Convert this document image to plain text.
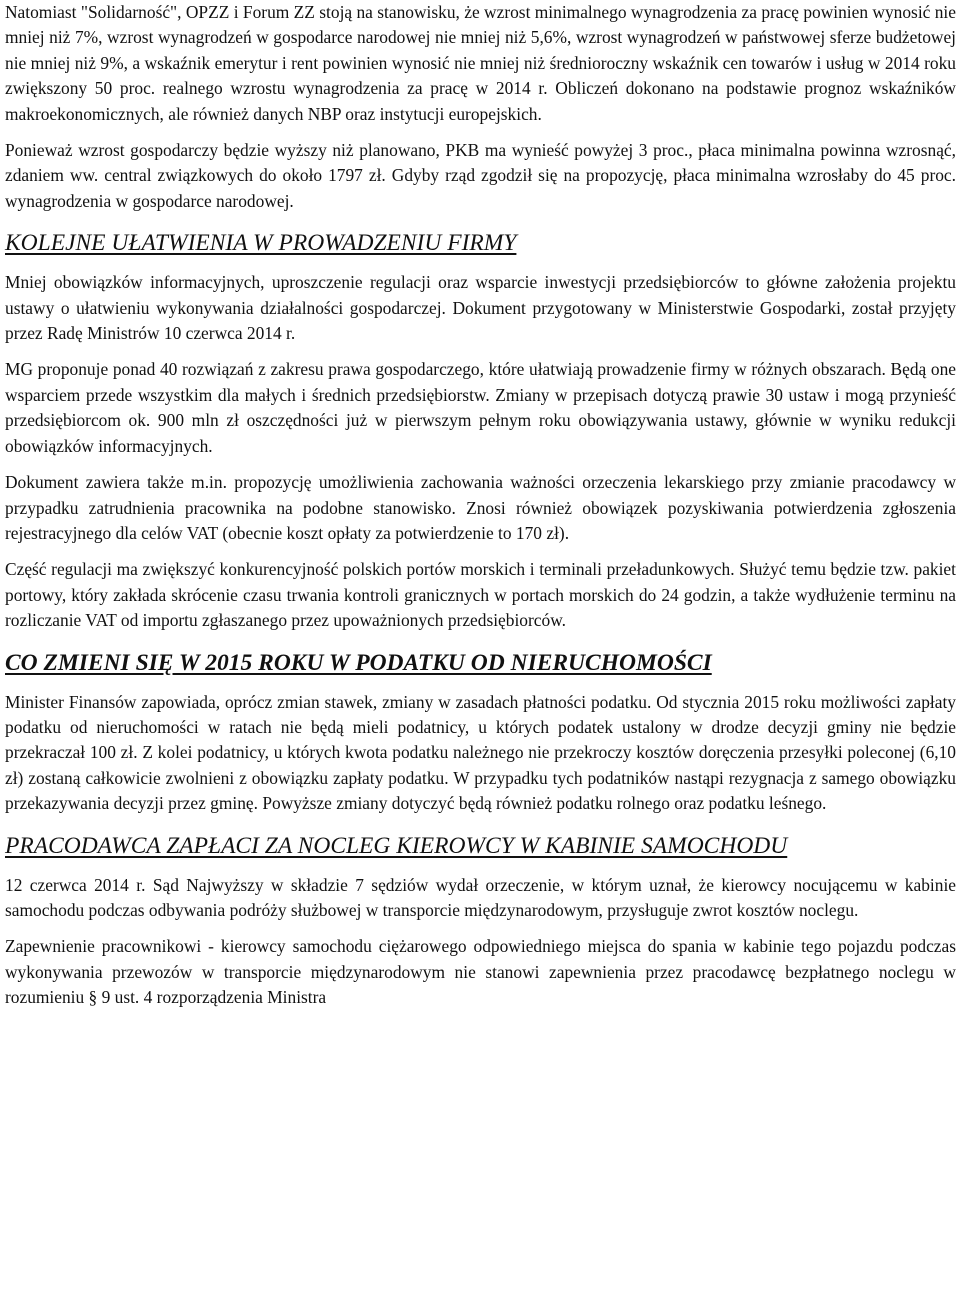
Natomiast "Solidarność", OPZZ i Forum ZZ stoją na stanowisku, że wzrost minimalnego wynagrodzenia za pracę powinien wynosić nie mniej niż 7%, wzrost wynagrodzeń w gospodarce narodowej nie mniej niż 5,6%, wzrost wynagrodzeń w państwowej sferze budżetowej nie mniej niż 9%, a wskaźnik emerytur i rent powinien wynosić nie mniej niż średnioroczny wskaźnik cen towarów i usług w 2014 roku zwiększony 50 proc. realnego wzrostu wynagrodzenia za pracę w 2014 r. Obliczeń dokonano na podstawie prognoz wskaźników makroekonomicznych, ale również danych NBP oraz instytucji europejskich.

Ponieważ wzrost gospodarczy będzie wyższy niż planowano, PKB ma wynieść powyżej 3 proc., płaca minimalna powinna wzrosnąć, zdaniem ww. central związkowych do około 1797 zł. Gdyby rząd zgodził się na propozycję, płaca minimalna wzrosłaby do 45 proc. wynagrodzenia w gospodarce narodowej.

KOLEJNE UŁATWIENIA W PROWADZENIU FIRMY

Mniej obowiązków informacyjnych, uproszczenie regulacji oraz wsparcie inwestycji przedsiębiorców to główne założenia projektu ustawy o ułatwieniu wykonywania działalności gospodarczej. Dokument przygotowany w Ministerstwie Gospodarki, został przyjęty przez Radę Ministrów 10 czerwca 2014 r.

MG proponuje ponad 40 rozwiązań z zakresu prawa gospodarczego, które ułatwiają prowadzenie firmy w różnych obszarach. Będą one wsparciem przede wszystkim dla małych i średnich przedsiębiorstw. Zmiany w przepisach dotyczą prawie 30 ustaw i mogą przynieść przedsiębiorcom ok. 900 mln zł oszczędności już w pierwszym pełnym roku obowiązywania ustawy, głównie w wyniku redukcji obowiązków informacyjnych.

Dokument zawiera także m.in. propozycję umożliwienia zachowania ważności orzeczenia lekarskiego przy zmianie pracodawcy w przypadku zatrudnienia pracownika na podobne stanowisko. Znosi również obowiązek pozyskiwania potwierdzenia zgłoszenia rejestracyjnego dla celów VAT (obecnie koszt opłaty za potwierdzenie to 170 zł).

Część regulacji ma zwiększyć konkurencyjność polskich portów morskich i terminali przeładunkowych. Służyć temu będzie tzw. pakiet portowy, który zakłada skrócenie czasu trwania kontroli granicznych w portach morskich do 24 godzin, a także wydłużenie terminu na rozliczanie VAT od importu zgłaszanego przez upoważnionych przedsiębiorców.

CO ZMIENI SIĘ W 2015 ROKU W PODATKU OD NIERUCHOMOŚCI

Minister Finansów zapowiada, oprócz zmian stawek, zmiany w zasadach płatności podatku. Od stycznia 2015 roku możliwości zapłaty podatku od nieruchomości w ratach nie będą mieli podatnicy, u których podatek ustalony w drodze decyzji gminy nie będzie przekraczał 100 zł. Z kolei podatnicy, u których kwota podatku należnego nie przekroczy kosztów doręczenia przesyłki poleconej (6,10 zł) zostaną całkowicie zwolnieni z obowiązku zapłaty podatku. W przypadku tych podatników nastąpi rezygnacja z samego obowiązku przekazywania decyzji przez gminę. Powyższe zmiany dotyczyć będą również podatku rolnego oraz podatku leśnego.

PRACODAWCA ZAPŁACI ZA NOCLEG KIEROWCY W KABINIE SAMOCHODU

12 czerwca 2014 r. Sąd Najwyższy w składzie 7 sędziów wydał orzeczenie, w którym uznał, że kierowcy nocującemu w kabinie samochodu podczas odbywania podróży służbowej w transporcie międzynarodowym, przysługuje zwrot kosztów noclegu.

Zapewnienie pracownikowi - kierowcy samochodu ciężarowego odpowiedniego miejsca do spania w kabinie tego pojazdu podczas wykonywania przewozów w transporcie międzynarodowym nie stanowi zapewnienia przez pracodawcę bezpłatnego noclegu w rozumieniu § 9 ust. 4 rozporządzenia Ministra
